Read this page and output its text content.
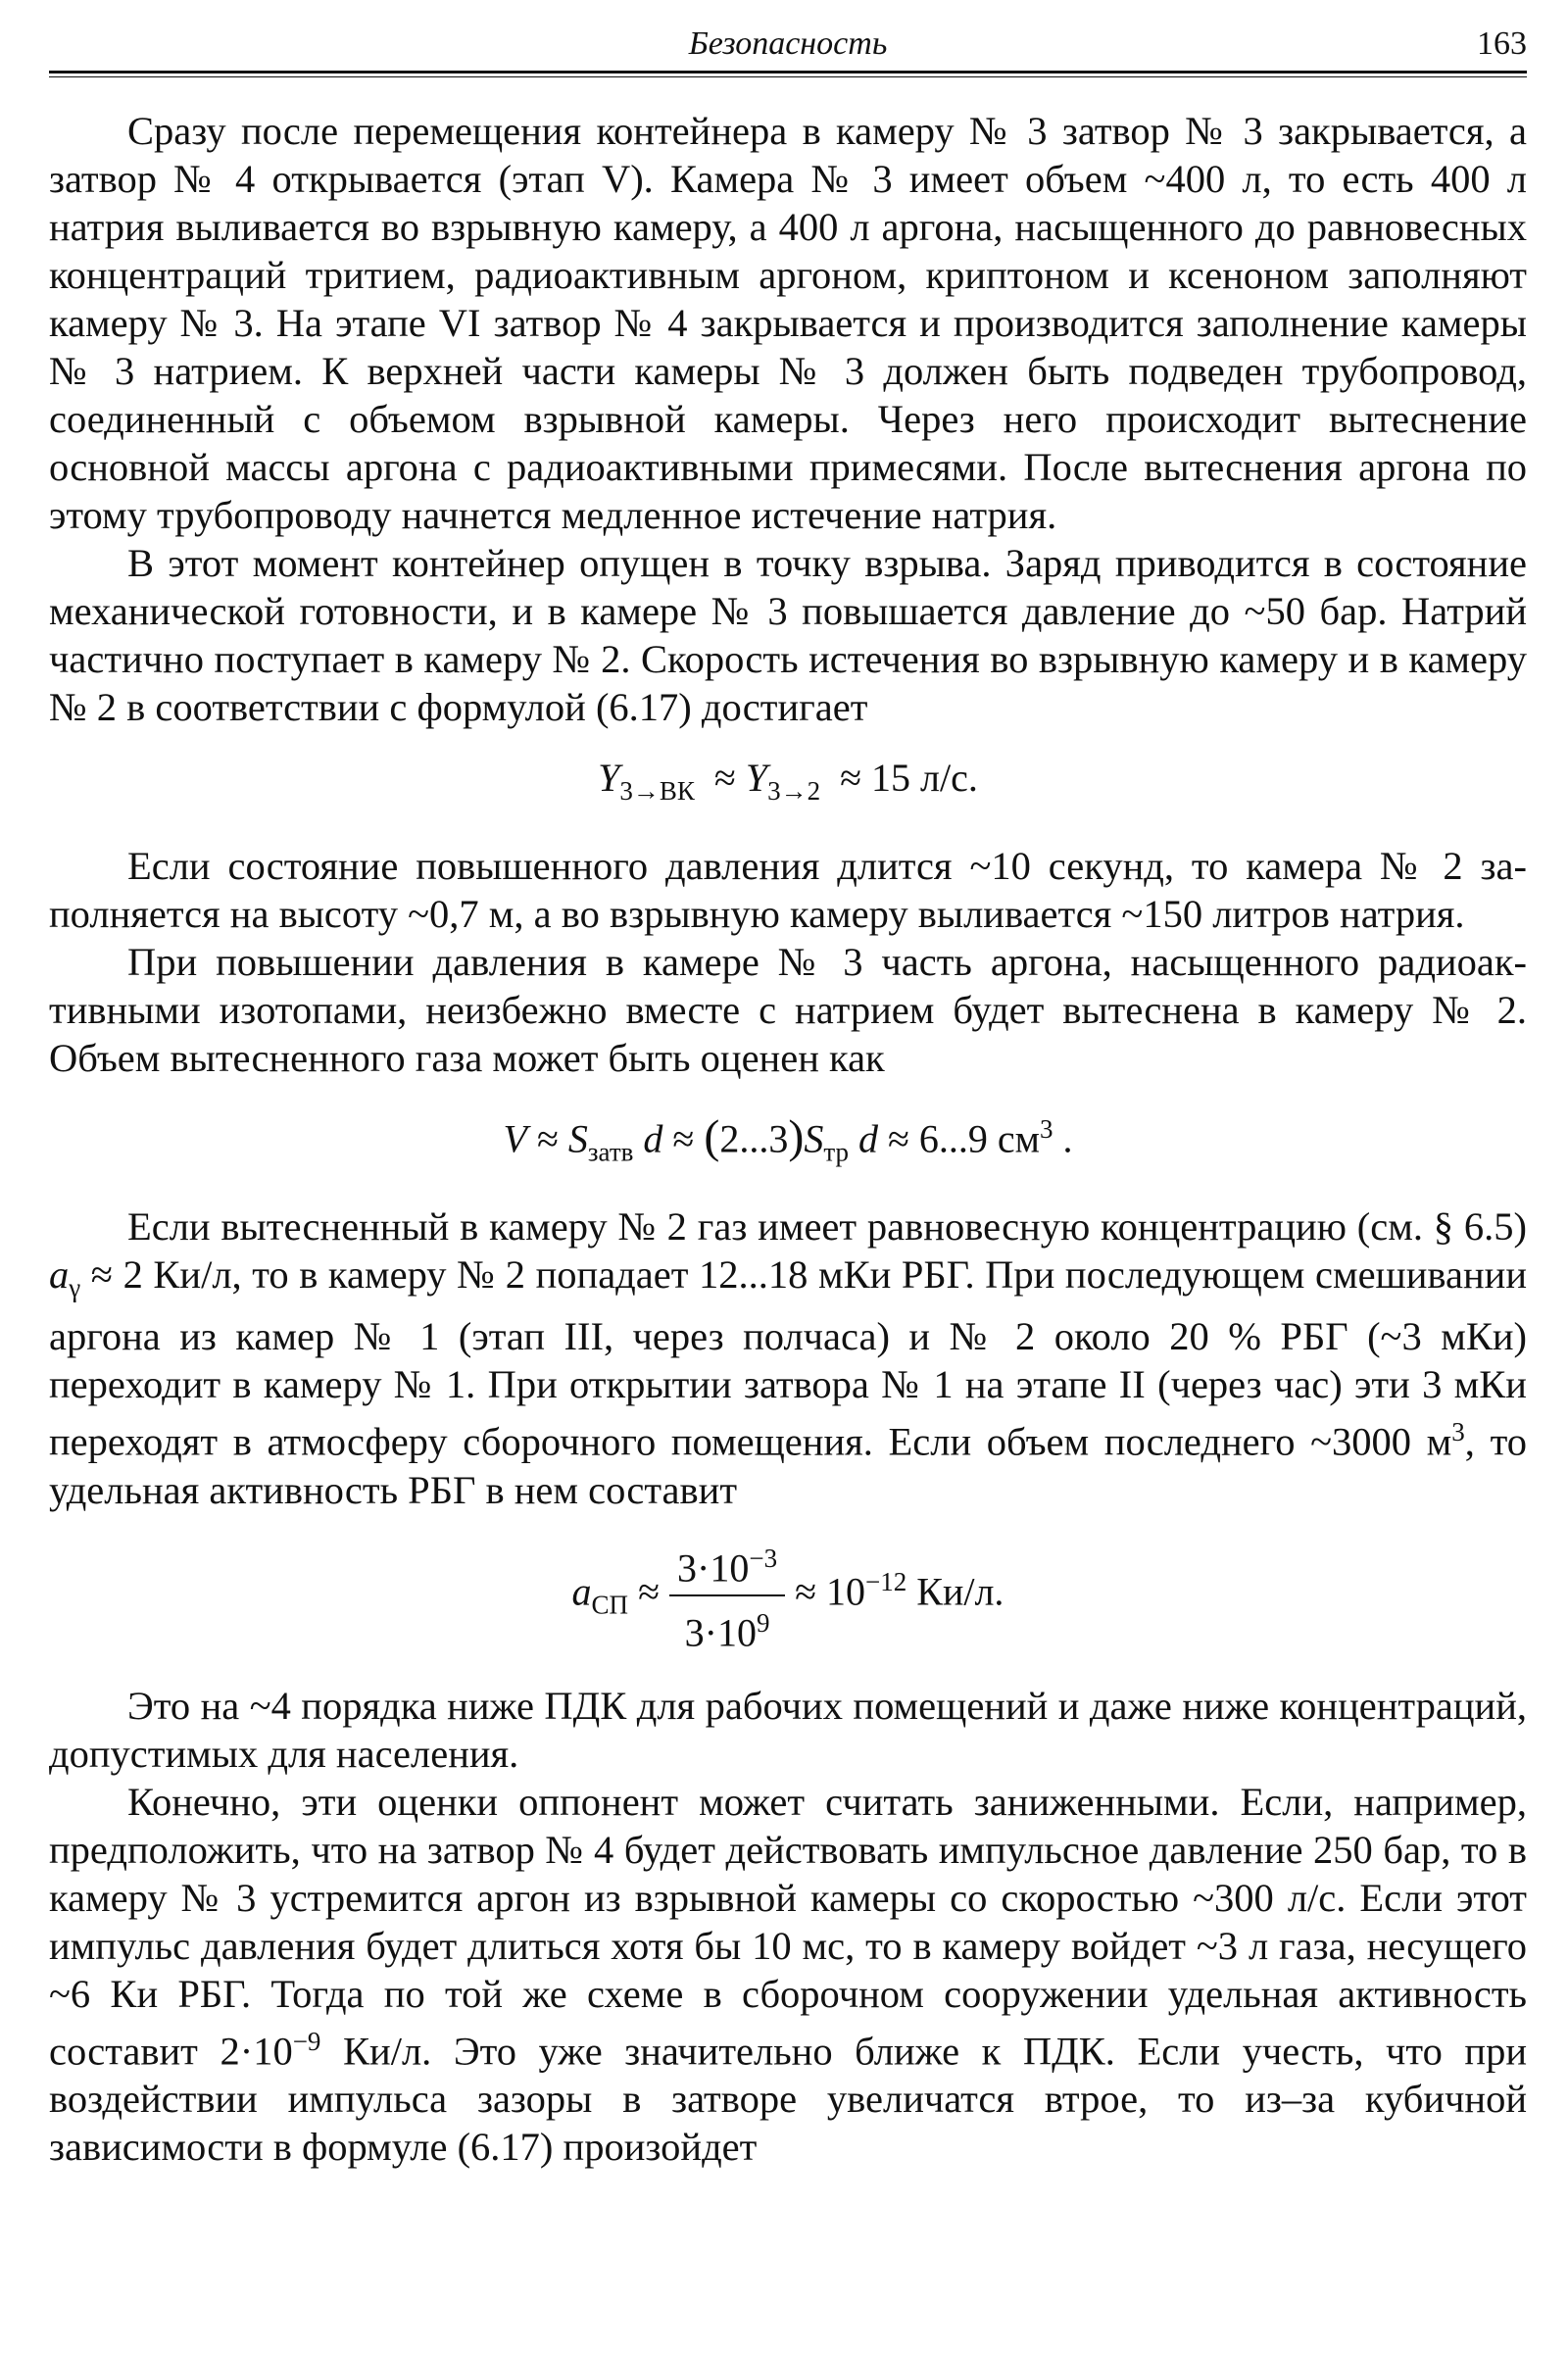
Безопасность	163

Сразу после перемещения контейнера в камеру № 3 затвор № 3 закрывается, а затвор № 4 открывается (этап V). Камера № 3 имеет объем ~400 л, то есть 400 л натрия выливается во взрывную камеру, а 400 л аргона, насыщенного до равновесных концентраций тритием, радиоактивным аргоном, криптоном и ксеноном заполняют камеру № 3. На этапе VI затвор № 4 закрывается и производится заполнение камеры № 3 натрием. К верхней части камеры № 3 должен быть подведен трубопровод, соединенный с объемом взрывной камеры. Через него происходит вытеснение основной массы аргона с радиоактивными примесями. После вытеснения аргона по этому трубопроводу начнется медленное истечение натрия.

В этот момент контейнер опущен в точку взрыва. Заряд приводится в состояние механической готовности, и в камере № 3 повышается давление до ~50 бар. Натрий частично поступает в камеру № 2. Скорость истечения во взрывную камеру и в камеру № 2 в соответствии с формулой (6.17) достигает

$Y_{3\to ВК} \approx Y_{3\to 2} \approx 15$ л/с.

Если состояние повышенного давления длится ~10 секунд, то камера № 2 заполняется на высоту ~0,7 м, а во взрывную камеру выливается ~150 литров натрия.

При повышении давления в камере № 3 часть аргона, насыщенного радиоактивными изотопами, неизбежно вместе с натрием будет вытеснена в камеру № 2. Объем вытесненного газа может быть оценен как

$V \approx S_{затв}$ $d \approx (2...3)S_{тр}$ d ≈ 6...9 $см^3$ .

Если вытесненный в камеру № 2 газ имеет равновесную концентрацию (см. § 6.5) $a_\gamma \approx 2$ Ки/л, то в камеру № 2 попадает 12...18 мКи РБГ. При последующем смешивании аргона из камер № 1 (этап III, через полчаса) и № 2 около 20 % РБГ (~3 мКи) переходит в камеру № 1. При открытии затвора № 1 на этапе II (через час) эти 3 мКи переходят в атмосферу сборочного помещения. Если объем последнего ~3000 $м^3$, то удельная активность РБГ в нем составит

$a_{СП} \approx \frac{3\cdot 10^{-3}}{3\cdot 10^9} \approx 10^{-12}$ Ки/л.

Это на ~4 порядка ниже ПДК для рабочих помещений и даже ниже концентраций, допустимых для населения.

Конечно, эти оценки оппонент может считать заниженными. Если, например, предположить, что на затвор № 4 будет действовать импульсное давление 250 бар, то в камеру № 3 устремится аргон из взрывной камеры со скоростью ~300 л/с. Если этот импульс давления будет длиться хотя бы 10 мс, то в камеру войдет ~3 л газа, несущего ~6 Ки РБГ. Тогда по той же схеме в сборочном сооружении удельная активность составит $2\cdot 10^{-9}$ Ки/л. Это уже значительно ближе к ПДК. Если учесть, что при воздействии импульса зазоры в затворе увеличатся втрое, то из–за кубичной зависимости в формуле (6.17) произойдет
